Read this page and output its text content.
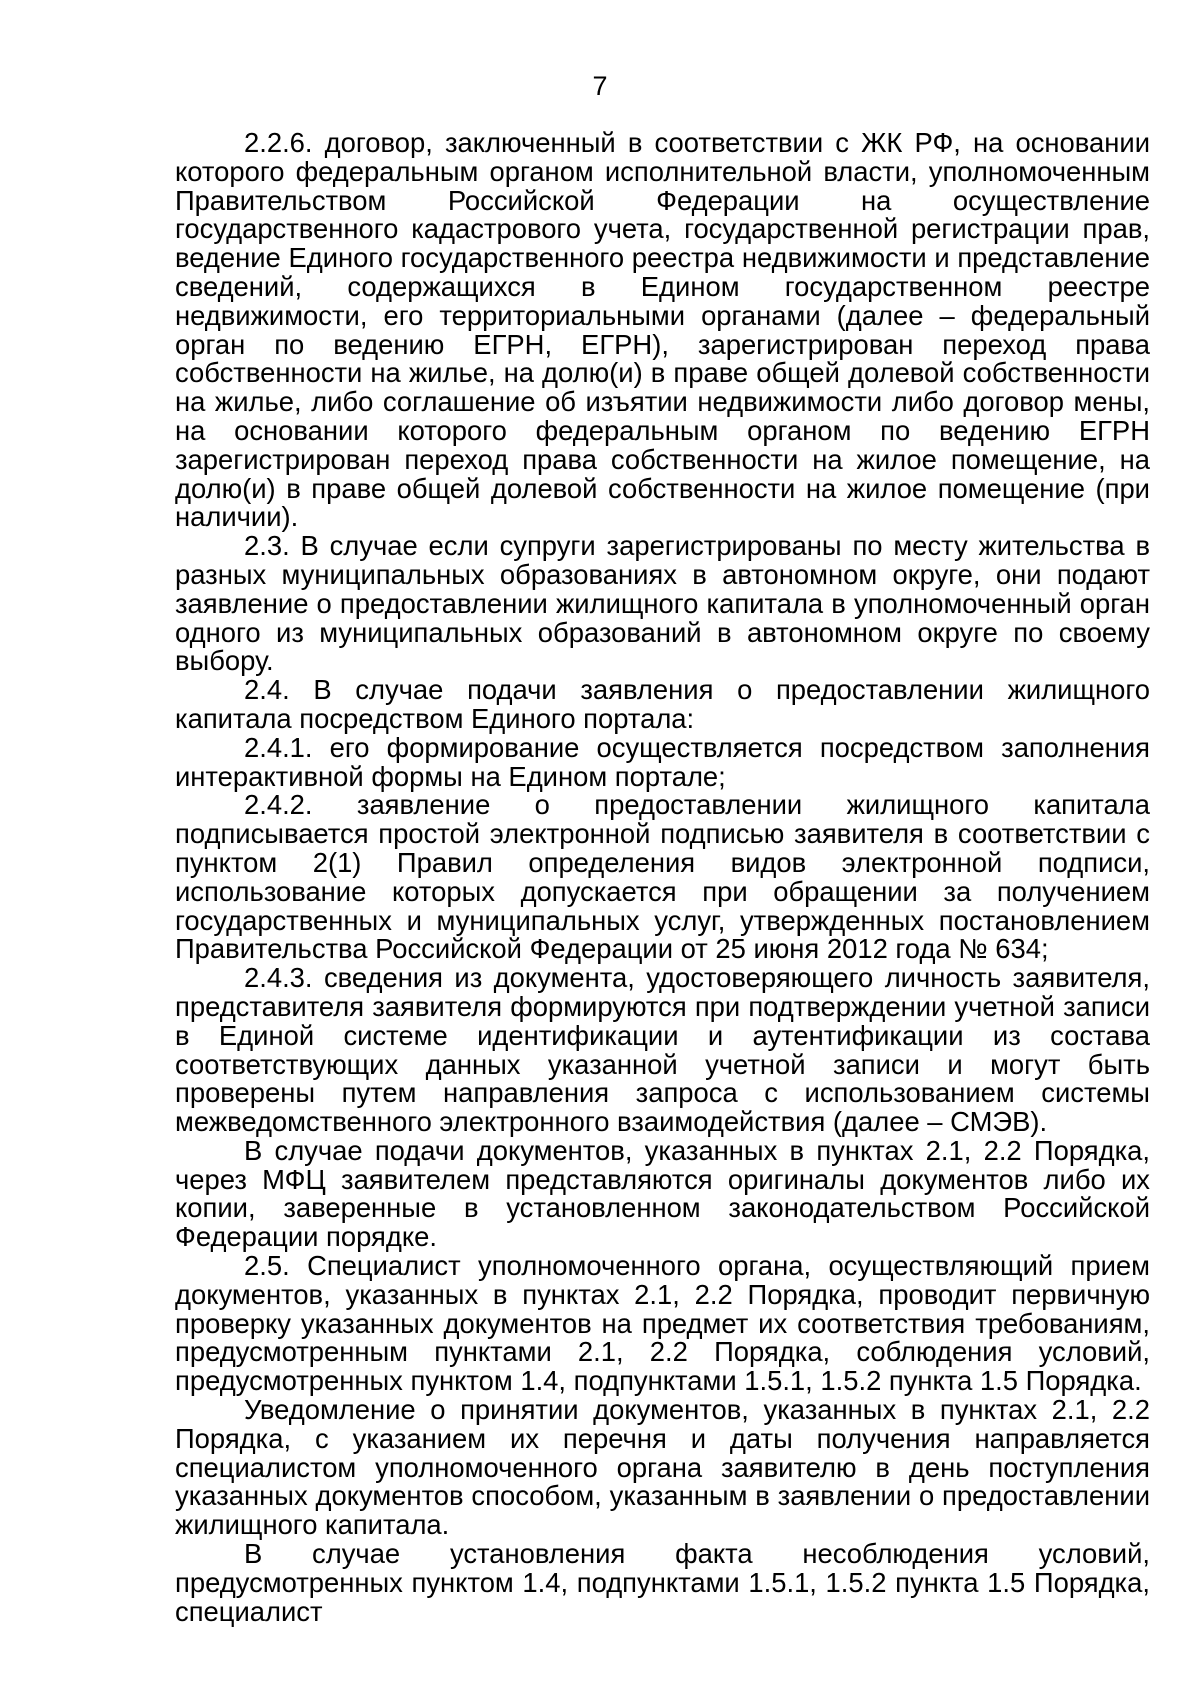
7

2.2.6. договор, заключенный в соответствии с ЖК РФ, на основании которого федеральным органом исполнительной власти, уполномоченным Правительством Российской Федерации на осуществление государственного кадастрового учета, государственной регистрации прав, ведение Единого государственного реестра недвижимости и представление сведений, содержащихся в Едином государственном реестре недвижимости, его территориальными органами (далее – федеральный орган по ведению ЕГРН, ЕГРН), зарегистрирован переход права собственности на жилье, на долю(и) в праве общей долевой собственности на жилье, либо соглашение об изъятии недвижимости либо договор мены, на основании которого федеральным органом по ведению ЕГРН зарегистрирован переход права собственности на жилое помещение, на долю(и) в праве общей долевой собственности на жилое помещение (при наличии).

2.3. В случае если супруги зарегистрированы по месту жительства в разных муниципальных образованиях в автономном округе, они подают заявление о предоставлении жилищного капитала в уполномоченный орган одного из муниципальных образований в автономном округе по своему выбору.

2.4. В случае подачи заявления о предоставлении жилищного капитала посредством Единого портала:

2.4.1. его формирование осуществляется посредством заполнения интерактивной формы на Едином портале;

2.4.2. заявление о предоставлении жилищного капитала подписывается простой электронной подписью заявителя в соответствии с пунктом 2(1) Правил определения видов электронной подписи, использование которых допускается при обращении за получением государственных и муниципальных услуг, утвержденных постановлением Правительства Российской Федерации от 25 июня 2012 года № 634;

2.4.3. сведения из документа, удостоверяющего личность заявителя, представителя заявителя формируются при подтверждении учетной записи в Единой системе идентификации и аутентификации из состава соответствующих данных указанной учетной записи и могут быть проверены путем направления запроса с использованием системы межведомственного электронного взаимодействия (далее – СМЭВ).

В случае подачи документов, указанных в пунктах 2.1, 2.2 Порядка, через МФЦ заявителем представляются оригиналы документов либо их копии, заверенные в установленном законодательством Российской Федерации порядке.

2.5. Специалист уполномоченного органа, осуществляющий прием документов, указанных в пунктах 2.1, 2.2 Порядка, проводит первичную проверку указанных документов на предмет их соответствия требованиям, предусмотренным пунктами 2.1, 2.2 Порядка, соблюдения условий, предусмотренных пунктом 1.4, подпунктами 1.5.1, 1.5.2 пункта 1.5 Порядка.

Уведомление о принятии документов, указанных в пунктах 2.1, 2.2 Порядка, с указанием их перечня и даты получения направляется специалистом уполномоченного органа заявителю в день поступления указанных документов способом, указанным в заявлении о предоставлении жилищного капитала.

В случае установления факта несоблюдения условий, предусмотренных пунктом 1.4, подпунктами 1.5.1, 1.5.2 пункта 1.5 Порядка, специалист
